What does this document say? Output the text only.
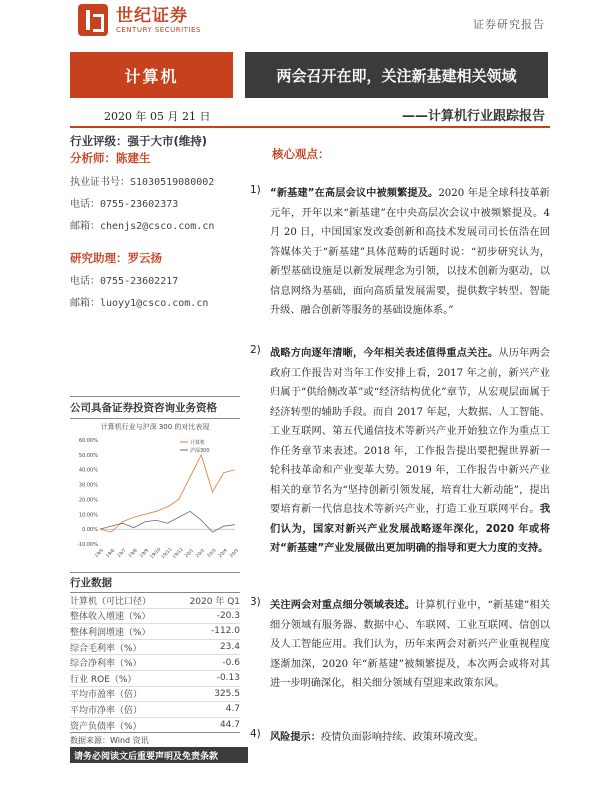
世纪证券
CENTURY SECURITIES	证券研究报告
计算机	两会召开在即，关注新基建相关领域
2020 年 05 月 21 日	——计算机行业跟踪报告
行业评级：强于大市(维持)
分析师：陈建生
执业证书号：S1030519080002
电话：0755-23602373
邮箱：chenjs2@csco.com.cn
研究助理：罗云扬
电话：0755-23602217
邮箱：luoyy1@csco.com.cn
公司具备证券投资咨询业务资格
计算机行业与沪深 300 的对比表现
60.00%
50.00%
40.00%
30.00%
20.00%
10.00%
0.00%
-10.00%
19/5 19/6 19/7 19/8 19/9 19/10
19/11
19/12 20/1 20/2 20/3 20/4 20/5
计算机
沪深300
行业数据
计算机（可比口径）	2020 年 Q1
整体收入增速（%）	-20.3
整体利润增速（%）	-112.0
综合毛利率（%）	23.4
综合净利率（%）	-0.6
行业 ROE（%）	-0.13
平均市盈率（倍）	325.5
平均市净率（倍）	4.7
资产负债率（%）	44.7
数据来源：Wind 资讯
请务必阅读文后重要声明及免责条款
核心观点：
1) “新基建”在高层会议中被频繁提及。2020 年是全球科技革新元年，开年以来“新基建”在中央高层次会议中被频繁提及。4 月 20 日，中国国家发改委创新和高技术发展司司长伍浩在回答媒体关于“新基建”具体范畴的话题时说：“初步研究认为，新型基础设施是以新发展理念为引领，以技术创新为驱动，以信息网络为基础，面向高质量发展需要，提供数字转型、智能升级、融合创新等服务的基础设施体系。”
2) 战略方向逐年清晰，今年相关表述值得重点关注。从历年两会政府工作报告对当年工作安排上看，2017 年之前，新兴产业归属于“供给侧改革”或“经济结构优化”章节，从宏观层面属于经济转型的辅助手段。而自 2017 年起，大数据、人工智能、工业互联网、第五代通信技术等新兴产业开始独立作为重点工作任务章节来表述。2018 年，工作报告提出要把握世界新一轮科技革命和产业变革大势。2019 年，工作报告中新兴产业相关的章节名为“坚持创新引领发展，培育壮大新动能”，提出要培育新一代信息技术等新兴产业，打造工业互联网平台。我们认为，国家对新兴产业发展战略逐年深化，2020 年或将对“新基建”产业发展做出更加明确的指导和更大力度的支持。
3) 关注两会对重点细分领域表述。计算机行业中，“新基建”相关细分领域有服务器、数据中心、车联网、工业互联网、信创以及人工智能应用。我们认为，历年来两会对新兴产业重视程度逐渐加深，2020 年“新基建”被频繁提及，本次两会或将对其进一步明确深化，相关细分领域有望迎来政策东风。
4) 风险提示：疫情负面影响持续、政策环境改变。
